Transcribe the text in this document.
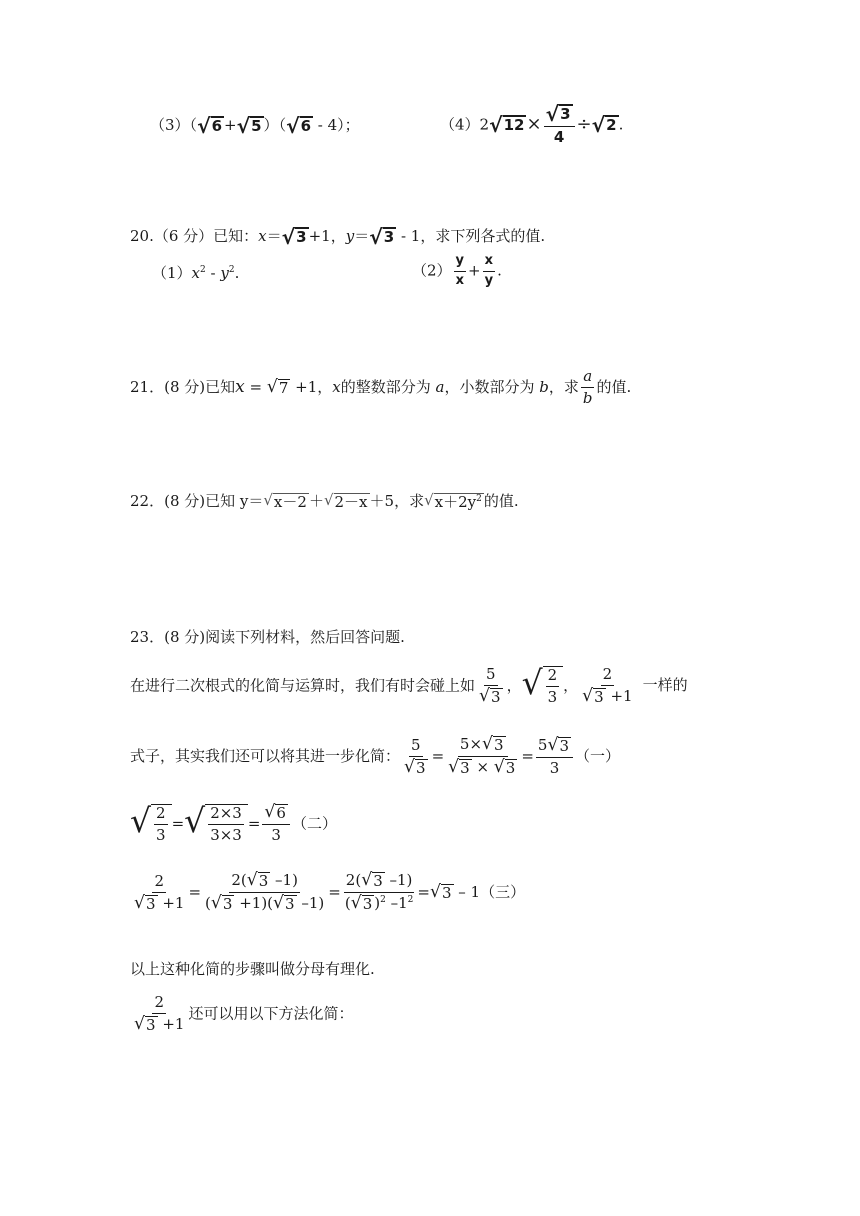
（3）（ √ 6 + √ 5 ）（ √ 6 - 4）；	（4）2 √ $12 \times \frac{√ 3}{4}$ ÷ √ 2 .
20.（6 分）已知：x＝ √ 3 +1，y＝ √ 3 - 1，求下列各式的值.
$(1)x^2 - y^2$.	$(2) \frac{y}{x} + \frac{x}{y}$ .
21．(8 分)已知x = √ 7 +1，x的整数部分为 a，小数部分为 b，求 $\frac{a}{b}$ 的值.
22．(8 分)已知 y＝ √ x－2 ＋ √ 2－x ＋5，求 √ $x+2y^2$ 的值.
23．(8 分)阅读下列材料，然后回答问题.
在进行二次根式的化简与运算时，我们有时会碰上如 $\frac{5}{√ 3}$ ， √ $\frac{2}{3}$ ， $\frac{2}{√ 3 +1}$ 一样的
式子，其实我们还可以将其进一步化简： $\frac{5}{√ 3} = \frac{5\times √ 3}{√ 3 \times √ 3} = \frac{5 √ 3}{3}$ （一）
√ $\frac{2}{3}$ = √ $\frac{2\times 3}{3\times 3} = \frac{√ 6}{3}$ （二）
$\frac{2}{√ 3 +1} = \frac{2( √ 3 -1)}{( √ 3 +1)( √ 3 -1)} = \frac{2( √ 3 -1)}{( √ 3 )^2 -1^2}$ = √ 3 – 1（三）
以上这种化简的步骤叫做分母有理化.
$\frac{2}{√ 3 +1}$ 还可以用以下方法化简：
